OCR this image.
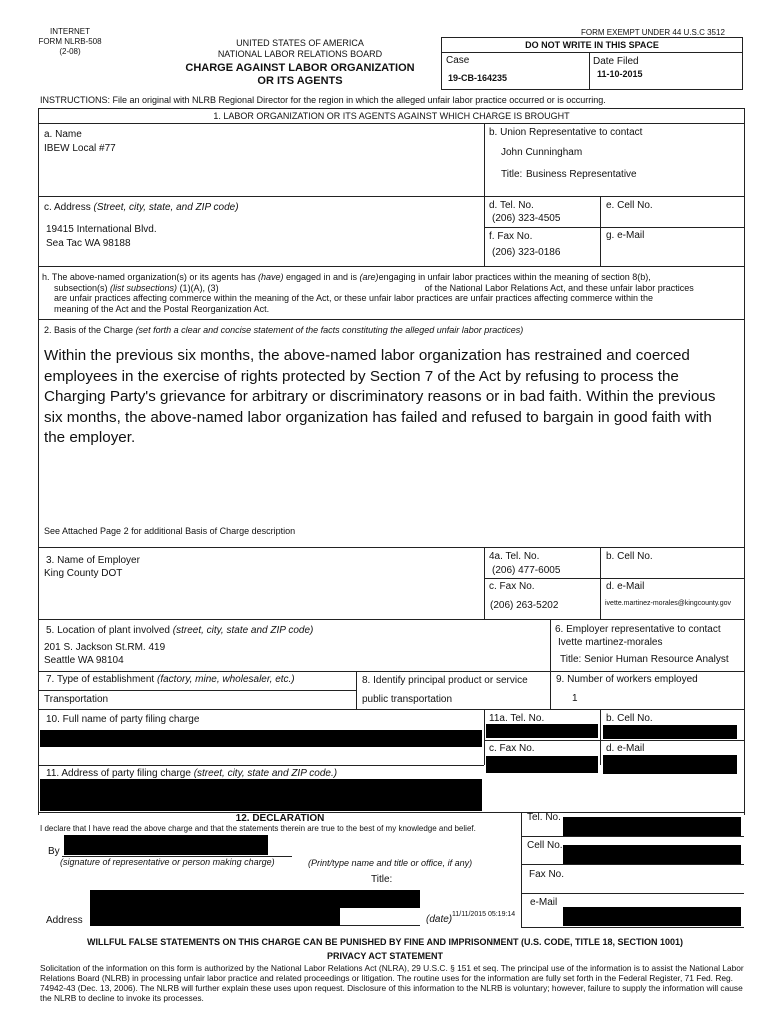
INTERNET
FORM NLRB-508
(2-08)
UNITED STATES OF AMERICA
NATIONAL LABOR RELATIONS BOARD
CHARGE AGAINST LABOR ORGANIZATION
OR ITS AGENTS
FORM EXEMPT UNDER 44 U.S.C 3512
DO NOT WRITE IN THIS SPACE
Case
19-CB-164235
Date Filed
11-10-2015
INSTRUCTIONS: File an original with NLRB Regional Director for the region in which the alleged unfair labor practice occurred or is occurring.
1. LABOR ORGANIZATION OR ITS AGENTS AGAINST WHICH CHARGE IS BROUGHT
a. Name
IBEW Local #77
b. Union Representative to contact
John Cunningham
Title: Business Representative
c. Address (Street, city, state, and ZIP code)
19415 International Blvd.
Sea Tac WA 98188
d. Tel. No.
(206) 323-4505
e. Cell No.
f. Fax No.
(206) 323-0186
g. e-Mail
h. The above-named organization(s) or its agents has (have) engaged in and is (are)engaging in unfair labor practices within the meaning of section 8(b),
subsection(s) (list subsections) (1)(A), (3)	of the National Labor Relations Act, and these unfair labor practices
are unfair practices affecting commerce within the meaning of the Act, or these unfair labor practices are unfair practices affecting commerce within the
meaning of the Act and the Postal Reorganization Act.
2. Basis of the Charge (set forth a clear and concise statement of the facts constituting the alleged unfair labor practices)
Within the previous six months, the above-named labor organization has restrained and coerced employees in the exercise of rights protected by Section 7 of the Act by refusing to process the Charging Party's grievance for arbitrary or discriminatory reasons or in bad faith. Within the previous six months, the above-named labor organization has failed and refused to bargain in good faith with the employer.
See Attached Page 2 for additional Basis of Charge description
3. Name of Employer
King County DOT
4a. Tel. No.
(206) 477-6005
b. Cell No.
c. Fax No.
(206) 263-5202
d. e-Mail
ivette.martinez-morales@kingcounty.gov
5. Location of plant involved (street, city, state and ZIP code)
201 S. Jackson St.RM. 419
Seattle WA 98104
6. Employer representative to contact
Ivette martinez-morales
Title: Senior Human Resource Analyst
7. Type of establishment (factory, mine, wholesaler, etc.)
Transportation
8. Identify principal product or service
public transportation
9. Number of workers employed
1
10. Full name of party filing charge	11a. Tel. No.	b. Cell No.
c. Fax No.	d. e-Mail
11. Address of party filing charge (street, city, state and ZIP code.)
12. DECLARATION
I declare that I have read the above charge and that the statements therein are true to the best of my knowledge and belief.
By
(signature of representative or person making charge)	(Print/type name and title or office, if any)
Title:
Address	(date) 11/11/2015 05:19:14
Tel. No.
Cell No.
Fax No.
e-Mail
WILLFUL FALSE STATEMENTS ON THIS CHARGE CAN BE PUNISHED BY FINE AND IMPRISONMENT (U.S. CODE, TITLE 18, SECTION 1001)
PRIVACY ACT STATEMENT
Solicitation of the information on this form is authorized by the National Labor Relations Act (NLRA), 29 U.S.C. § 151 et seq. The principal use of the information is to assist the National Labor Relations Board (NLRB) in processing unfair labor practice and related proceedings or litigation. The routine uses for the information are fully set forth in the Federal Register, 71 Fed. Reg. 74942-43 (Dec. 13, 2006). The NLRB will further explain these uses upon request. Disclosure of this information to the NLRB is voluntary; however, failure to supply the information will cause the NLRB to decline to invoke its processes.
